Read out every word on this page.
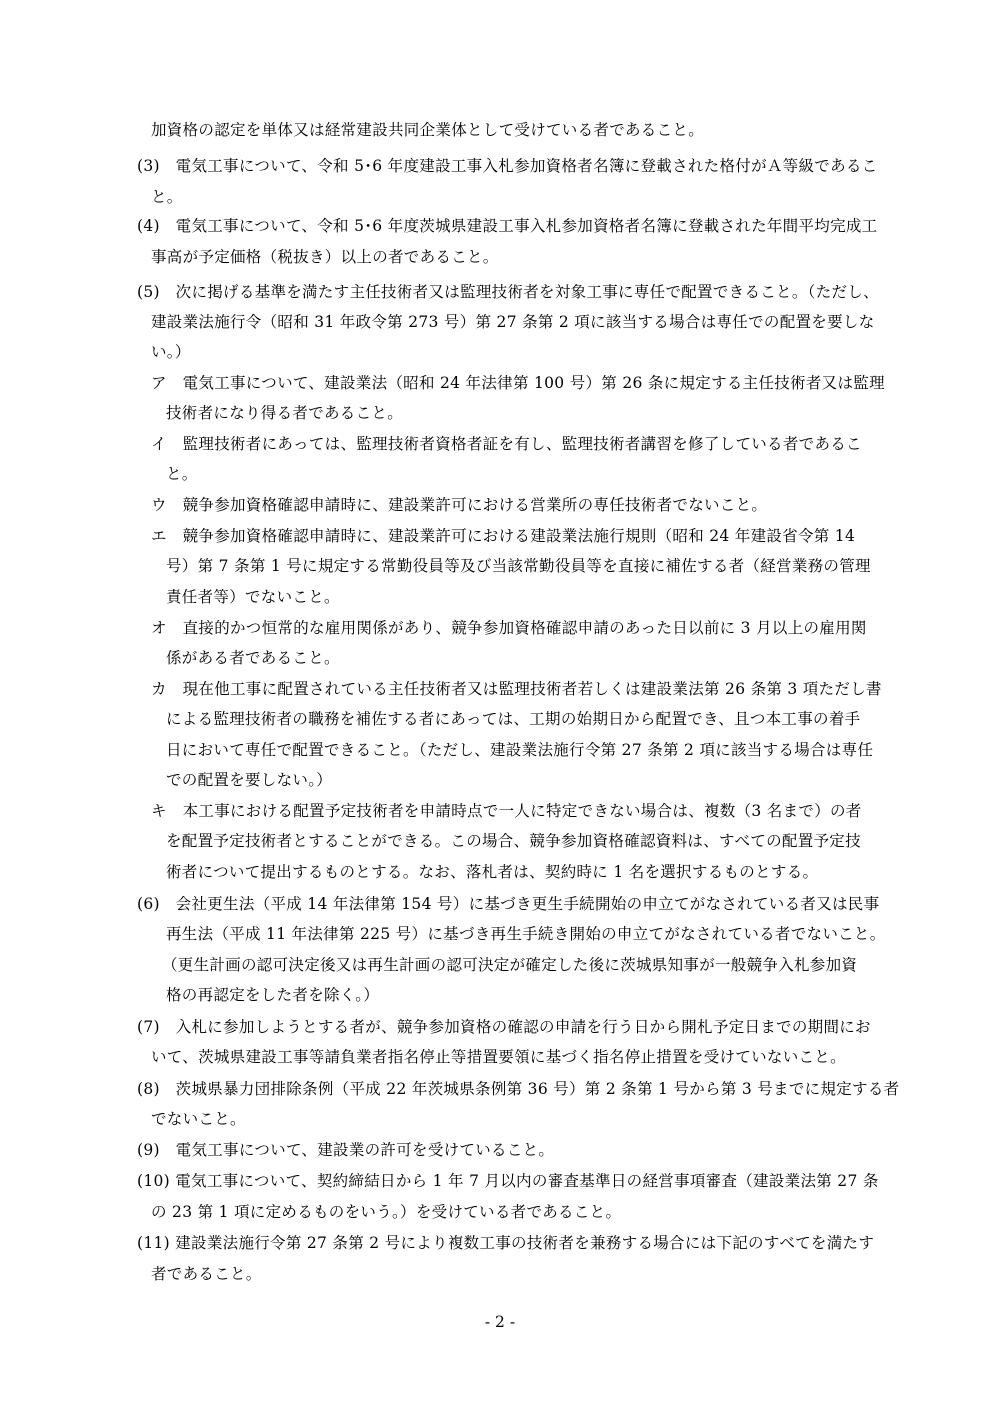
加資格の認定を単体又は経常建設共同企業体として受けている者であること。
(3)　電気工事について、令和 5･6 年度建設工事入札参加資格者名簿に登載された格付がＡ等級であるこ
と。
(4)　電気工事について、令和 5･6 年度茨城県建設工事入札参加資格者名簿に登載された年間平均完成工
事高が予定価格（税抜き）以上の者であること。
(5)　次に掲げる基準を満たす主任技術者又は監理技術者を対象工事に専任で配置できること。（ただし、
建設業法施行令（昭和 31 年政令第 273 号）第 27 条第 2 項に該当する場合は専任での配置を要しな
い。）
ア　電気工事について、建設業法（昭和 24 年法律第 100 号）第 26 条に規定する主任技術者又は監理
技術者になり得る者であること。
イ　監理技術者にあっては、監理技術者資格者証を有し、監理技術者講習を修了している者であるこ
と。
ウ　競争参加資格確認申請時に、建設業許可における営業所の専任技術者でないこと。
エ　競争参加資格確認申請時に、建設業許可における建設業法施行規則（昭和 24 年建設省令第 14
号）第 7 条第 1 号に規定する常勤役員等及び当該常勤役員等を直接に補佐する者（経営業務の管理
責任者等）でないこと。
オ　直接的かつ恒常的な雇用関係があり、競争参加資格確認申請のあった日以前に 3 月以上の雇用関
係がある者であること。
カ　現在他工事に配置されている主任技術者又は監理技術者若しくは建設業法第 26 条第 3 項ただし書
による監理技術者の職務を補佐する者にあっては、工期の始期日から配置でき、且つ本工事の着手
日において専任で配置できること。（ただし、建設業法施行令第 27 条第 2 項に該当する場合は専任
での配置を要しない。）
キ　本工事における配置予定技術者を申請時点で一人に特定できない場合は、複数（3 名まで）の者
を配置予定技術者とすることができる。この場合、競争参加資格確認資料は、すべての配置予定技
術者について提出するものとする。なお、落札者は、契約時に 1 名を選択するものとする。
(6)　会社更生法（平成 14 年法律第 154 号）に基づき更生手続開始の申立てがなされている者又は民事
再生法（平成 11 年法律第 225 号）に基づき再生手続き開始の申立てがなされている者でないこと。
（更生計画の認可決定後又は再生計画の認可決定が確定した後に茨城県知事が一般競争入札参加資
格の再認定をした者を除く。）
(7)　入札に参加しようとする者が、競争参加資格の確認の申請を行う日から開札予定日までの期間にお
いて、茨城県建設工事等請負業者指名停止等措置要領に基づく指名停止措置を受けていないこと。
(8)　茨城県暴力団排除条例（平成 22 年茨城県条例第 36 号）第 2 条第 1 号から第 3 号までに規定する者
でないこと。
(9)　電気工事について、建設業の許可を受けていること。
(10) 電気工事について、契約締結日から 1 年 7 月以内の審査基準日の経営事項審査（建設業法第 27 条
の 23 第 1 項に定めるものをいう。）を受けている者であること。
(11) 建設業法施行令第 27 条第 2 号により複数工事の技術者を兼務する場合には下記のすべてを満たす
者であること。
- 2 -
